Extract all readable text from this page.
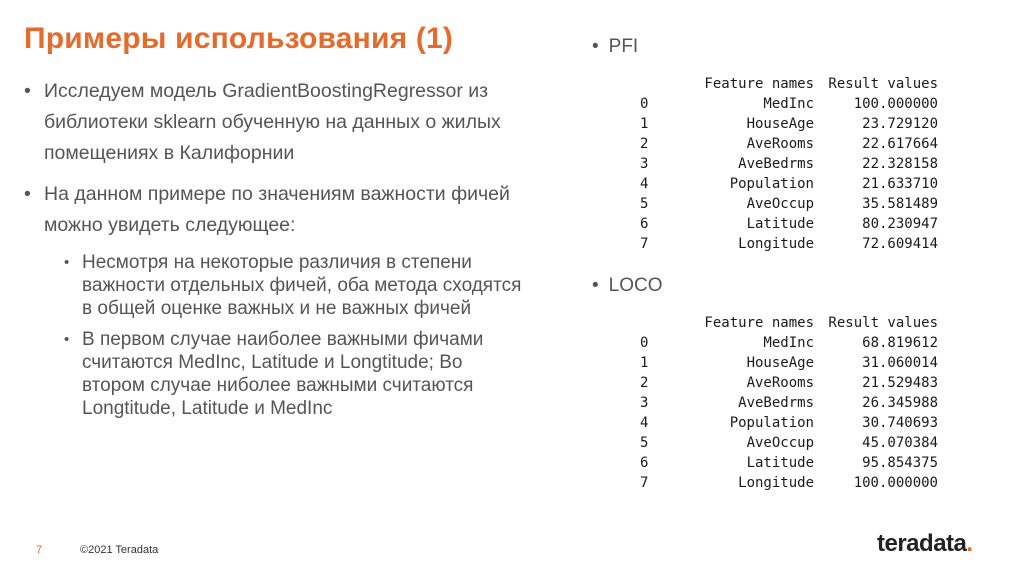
Примеры использования (1)
• Исследуем модель GradientBoostingRegressor из библиотеки sklearn обученную на данных о жилых помещениях в Калифорнии
• На данном примере по значениям важности фичей можно увидеть следующее:
• Несмотря на некоторые различия в степени важности отдельных фичей, оба метода сходятся в общей оценке важных и не важных фичей
• В первом случае наиболее важными фичами считаются MedInc, Latitude и Longtitude; Во втором случае ниболее важными считаются Longtitude, Latitude и MedInc
• PFI
	Feature names	Result values
0	MedInc	100.000000
1	HouseAge	23.729120
2	AveRooms	22.617664
3	AveBedrms	22.328158
4	Population	21.633710
5	AveOccup	35.581489
6	Latitude	80.230947
7	Longitude	72.609414
• LOCO
	Feature names	Result values
0	MedInc	68.819612
1	HouseAge	31.060014
2	AveRooms	21.529483
3	AveBedrms	26.345988
4	Population	30.740693
5	AveOccup	45.070384
6	Latitude	95.854375
7	Longitude	100.000000
7	©2021 Teradata	teradata.
